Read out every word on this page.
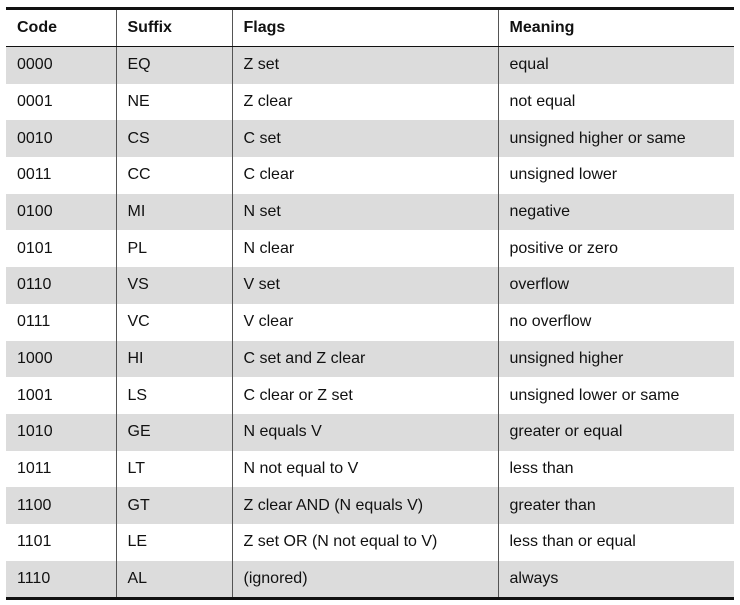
Code	Suffix	Flags	Meaning
0000	EQ	Z set	equal
0001	NE	Z clear	not equal
0010	CS	C set	unsigned higher or same
0011	CC	C clear	unsigned lower
0100	MI	N set	negative
0101	PL	N clear	positive or zero
0110	VS	V set	overflow
0111	VC	V clear	no overflow
1000	HI	C set and Z clear	unsigned higher
1001	LS	C clear or Z set	unsigned lower or same
1010	GE	N equals V	greater or equal
1011	LT	N not equal to V	less than
1100	GT	Z clear AND (N equals V)	greater than
1101	LE	Z set OR (N not equal to V)	less than or equal
1110	AL	(ignored)	always
